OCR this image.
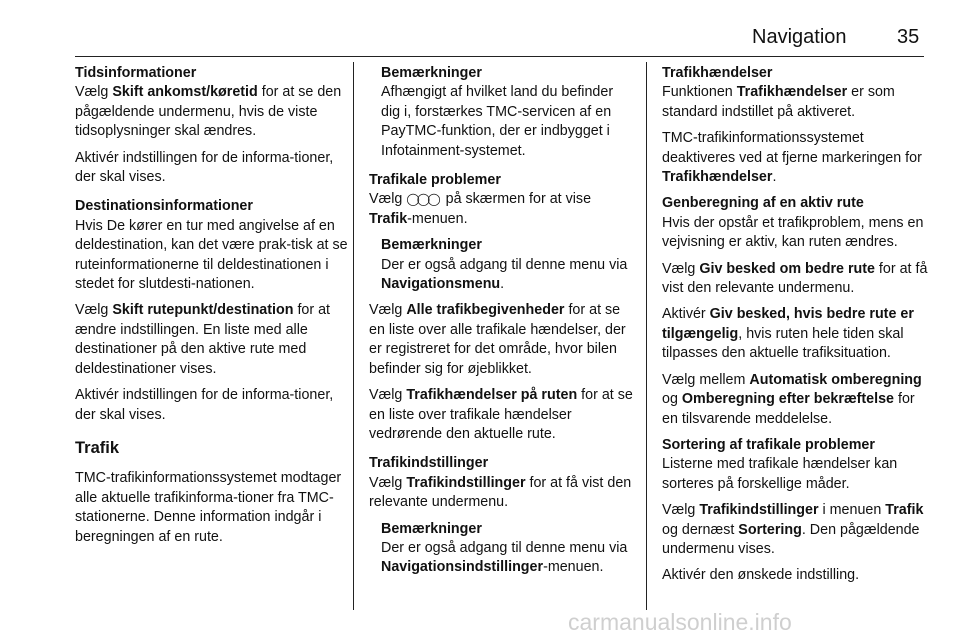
Navigation	35
Tidsinformationer

Vælg Skift ankomst/køretid for at se den pågældende undermenu, hvis de viste tidsoplysninger skal ændres.

Aktivér indstillingen for de informa-tioner, der skal vises.

Destinationsinformationer

Hvis De kører en tur med angivelse af en deldestination, kan det være prak-tisk at se ruteinformationerne til deldestinationen i stedet for slutdesti-nationen.

Vælg Skift rutepunkt/destination for at ændre indstillingen. En liste med alle destinationer på den aktive rute med deldestinationer vises.

Aktivér indstillingen for de informa-tioner, der skal vises.

Trafik

TMC-trafikinformationssystemet modtager alle aktuelle trafikinforma-tioner fra TMC-stationerne. Denne information indgår i beregningen af en rute.

Bemærkninger

Afhængigt af hvilket land du befinder dig i, forstærkes TMC-servicen af en PayTMC-funktion, der er indbygget i Infotainment-systemet.

Trafikale problemer

Vælg ◯◯◯ på skærmen for at vise Trafik-menuen.

Bemærkninger

Der er også adgang til denne menu via Navigationsmenu.

Vælg Alle trafikbegivenheder for at se en liste over alle trafikale hændelser, der er registreret for det område, hvor bilen befinder sig for øjeblikket.

Vælg Trafikhændelser på ruten for at se en liste over trafikale hændelser vedrørende den aktuelle rute.

Trafikindstillinger

Vælg Trafikindstillinger for at få vist den relevante undermenu.

Bemærkninger

Der er også adgang til denne menu via Navigationsindstillinger-menuen.

Trafikhændelser

Funktionen Trafikhændelser er som standard indstillet på aktiveret.

TMC-trafikinformationssystemet deaktiveres ved at fjerne markeringen for Trafikhændelser.

Genberegning af en aktiv rute

Hvis der opstår et trafikproblem, mens en vejvisning er aktiv, kan ruten ændres.

Vælg Giv besked om bedre rute for at få vist den relevante undermenu.

Aktivér Giv besked, hvis bedre rute er tilgængelig, hvis ruten hele tiden skal tilpasses den aktuelle trafiksituation.

Vælg mellem Automatisk omberegning og Omberegning efter bekræftelse for en tilsvarende meddelelse.

Sortering af trafikale problemer

Listerne med trafikale hændelser kan sorteres på forskellige måder.

Vælg Trafikindstillinger i menuen Trafik og dernæst Sortering. Den pågældende undermenu vises.

Aktivér den ønskede indstilling.

carmanualsonline.info
